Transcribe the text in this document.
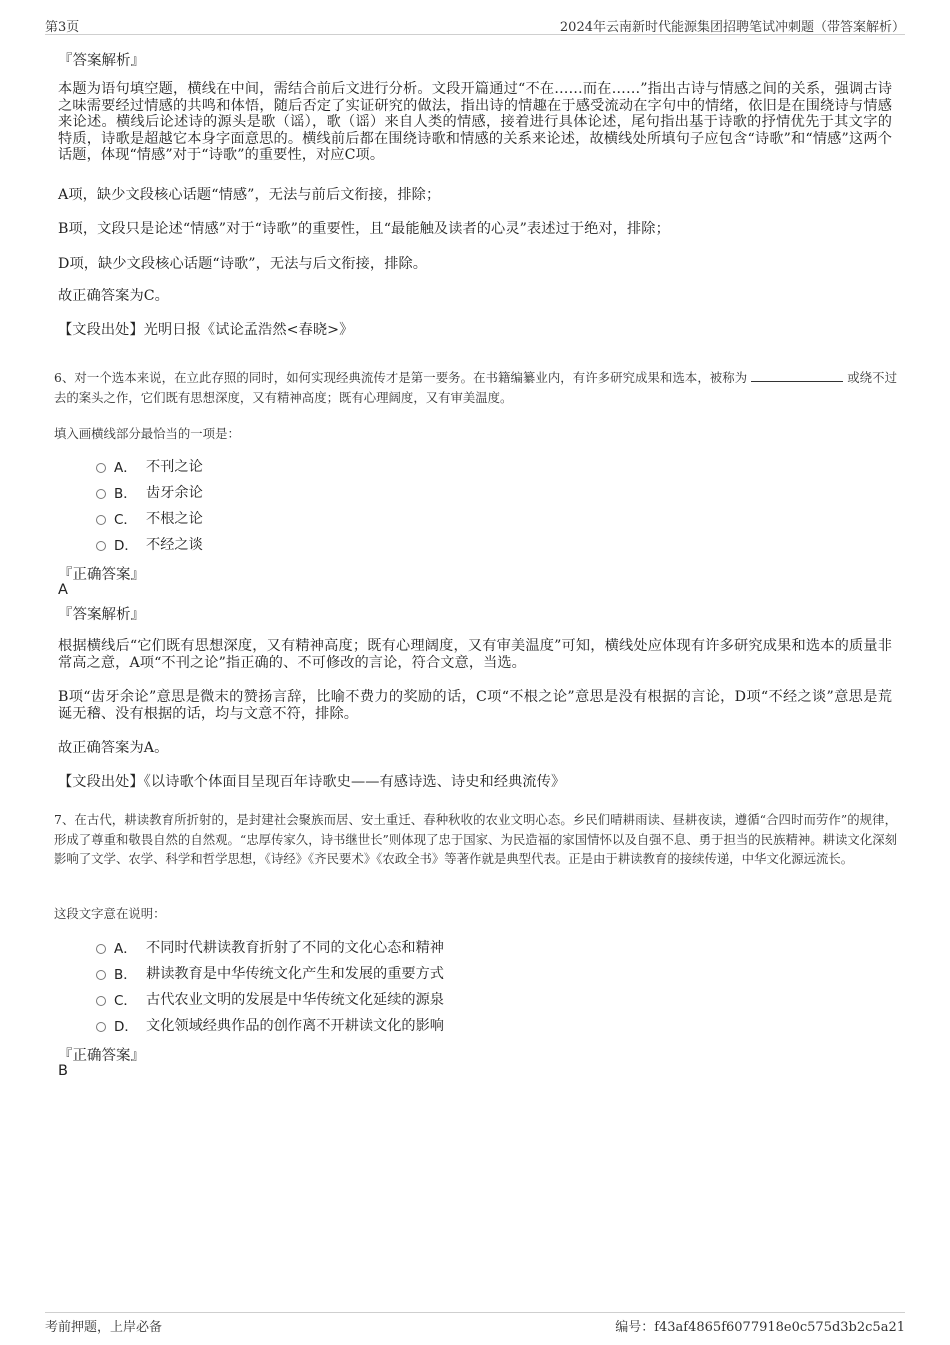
第3页	2024年云南新时代能源集团招聘笔试冲刺题（带答案解析）
『答案解析』
本题为语句填空题，横线在中间，需结合前后文进行分析。文段开篇通过“不在……而在……”指出古诗与情感之间的关系，强调古诗之味需要经过情感的共鸣和体悟，随后否定了实证研究的做法，指出诗的情趣在于感受流动在字句中的情绪，依旧是在围绕诗与情感来论述。横线后论述诗的源头是歌（谣），歌（谣）来自人类的情感，接着进行具体论述，尾句指出基于诗歌的抒情优先于其文字的特质，诗歌是超越它本身字面意思的。横线前后都在围绕诗歌和情感的关系来论述，故横线处所填句子应包含“诗歌”和“情感”这两个话题，体现“情感”对于“诗歌”的重要性，对应C项。
A项，缺少文段核心话题“情感”，无法与前后文衔接，排除；
B项，文段只是论述“情感”对于“诗歌”的重要性，且“最能触及读者的心灵”表述过于绝对，排除；
D项，缺少文段核心话题“诗歌”，无法与后文衔接，排除。
故正确答案为C。
【文段出处】光明日报《试论孟浩然<春晓>》
6、对一个选本来说，在立此存照的同时，如何实现经典流传才是第一要务。在书籍编纂业内，有许多研究成果和选本，被称为	或绕不过去的案头之作，它们既有思想深度，又有精神高度；既有心理阔度，又有审美温度。
填入画横线部分最恰当的一项是：
A． 不刊之论
B． 齿牙余论
C． 不根之论
D． 不经之谈
『正确答案』
A
『答案解析』
根据横线后“它们既有思想深度，又有精神高度；既有心理阔度，又有审美温度”可知，横线处应体现有许多研究成果和选本的质量非常高之意，A项“不刊之论”指正确的、不可修改的言论，符合文意，当选。
B项“齿牙余论”意思是微末的赞扬言辞，比喻不费力的奖励的话，C项“不根之论”意思是没有根据的言论，D项“不经之谈”意思是荒诞无稽、没有根据的话，均与文意不符，排除。
故正确答案为A。
【文段出处】《以诗歌个体面目呈现百年诗歌史——有感诗选、诗史和经典流传》
7、在古代，耕读教育所折射的，是封建社会聚族而居、安土重迁、春种秋收的农业文明心态。乡民们晴耕雨读、昼耕夜读，遵循“合四时而劳作”的规律，形成了尊重和敬畏自然的自然观。“忠厚传家久，诗书继世长”则体现了忠于国家、为民造福的家国情怀以及自强不息、勇于担当的民族精神。耕读文化深刻影响了文学、农学、科学和哲学思想，《诗经》《齐民要术》《农政全书》等著作就是典型代表。正是由于耕读教育的接续传递，中华文化源远流长。
这段文字意在说明：
A． 不同时代耕读教育折射了不同的文化心态和精神
B． 耕读教育是中华传统文化产生和发展的重要方式
C． 古代农业文明的发展是中华传统文化延续的源泉
D． 文化领域经典作品的创作离不开耕读文化的影响
『正确答案』
B
考前押题，上岸必备	编号：f43af4865f6077918e0c575d3b2c5a21
